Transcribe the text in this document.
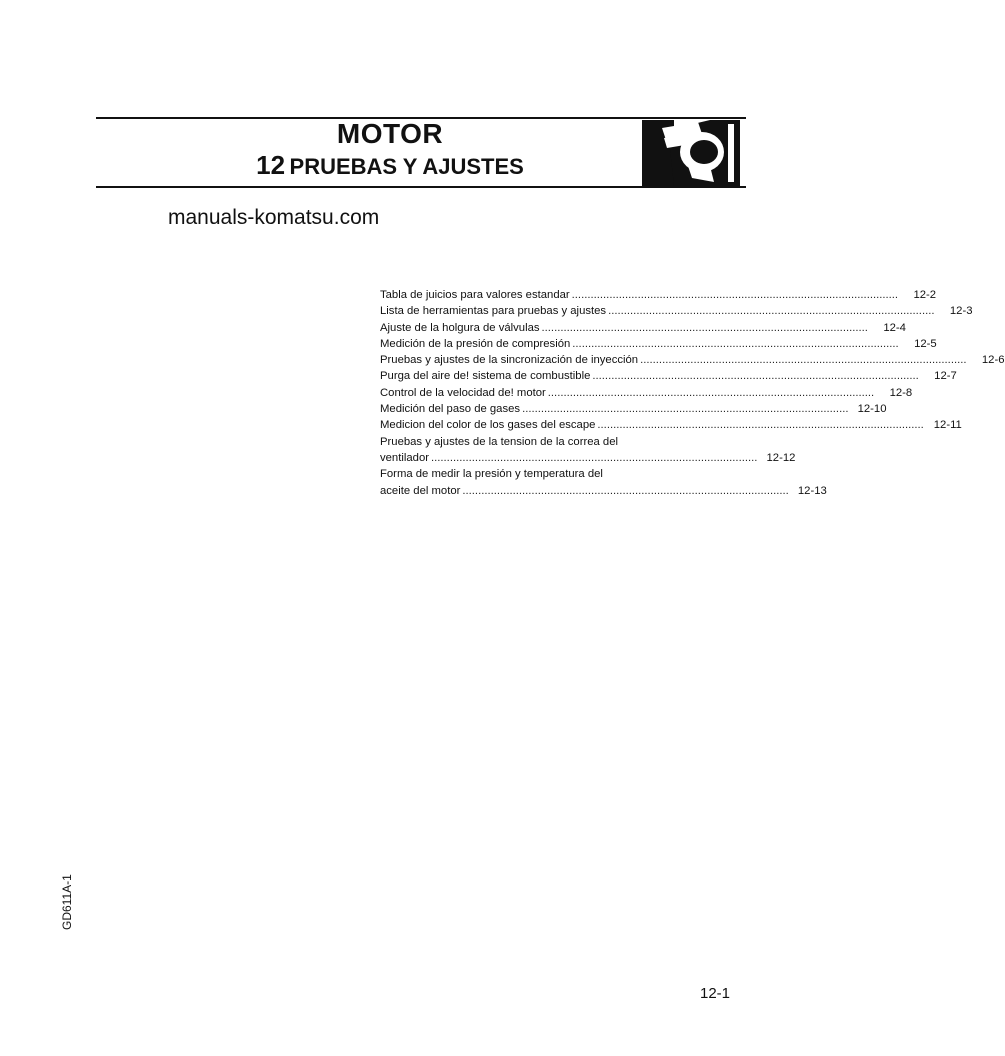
MOTOR
12 PRUEBAS Y AJUSTES
manuals-komatsu.com
Tabla de juicios para valores estandar ........................................................................................................	12-2
Lista de herramientas para pruebas y ajustes ........................................................................................................	12-3
Ajuste de la holgura de válvulas ........................................................................................................	12-4
Medición de la presión de compresión ........................................................................................................	12-5
Pruebas y ajustes de la sincronización de inyección ........................................................................................................	12-6
Purga del aire de! sistema de combustible ........................................................................................................	12-7
Control de la velocidad de! motor ........................................................................................................	12-8
Medición del paso de gases ........................................................................................................ 12-10
Medicion del color de los gases del escape ........................................................................................................ 12-11
Pruebas y ajustes de la tension de la correa del
ventilador ........................................................................................................ 12-12
Forma de medir la presión y temperatura del
aceite del motor ........................................................................................................ 12-13
GD611A-1
12-1
